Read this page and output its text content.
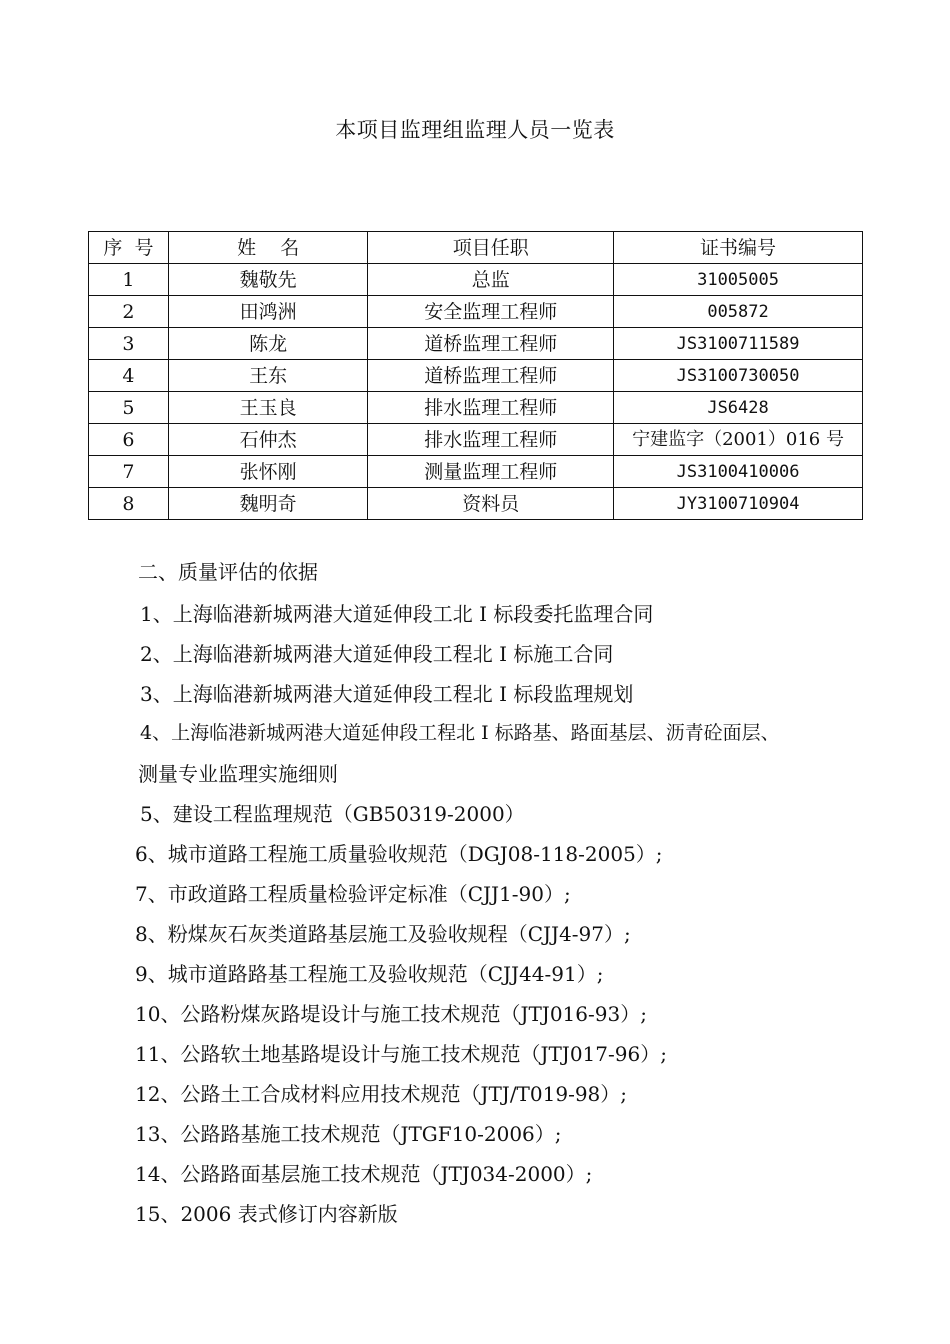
本项目监理组监理人员一览表
序  号	姓    名	项目任职	证书编号
1	魏敬先	总监	31005005
2	田鸿洲	安全监理工程师	005872
3	陈龙	道桥监理工程师	JS3100711589
4	王东	道桥监理工程师	JS3100730050
5	王玉良	排水监理工程师	JS6428
6	石仲杰	排水监理工程师	宁建监字（2001）016 号
7	张怀刚	测量监理工程师	JS3100410006
8	魏明奇	资料员	JY3100710904
二、质量评估的依据
1、上海临港新城两港大道延伸段工北 I 标段委托监理合同
2、上海临港新城两港大道延伸段工程北 I 标施工合同
3、上海临港新城两港大道延伸段工程北 I 标段监理规划
4、上海临港新城两港大道延伸段工程北 I 标路基、路面基层、沥青砼面层、
测量专业监理实施细则
5、建设工程监理规范（GB50319-2000）
6、城市道路工程施工质量验收规范（DGJ08-118-2005）;
7、市政道路工程质量检验评定标准（CJJ1-90）;
8、粉煤灰石灰类道路基层施工及验收规程（CJJ4-97）;
9、城市道路路基工程施工及验收规范（CJJ44-91）;
10、公路粉煤灰路堤设计与施工技术规范（JTJ016-93）;
11、公路软土地基路堤设计与施工技术规范（JTJ017-96）;
12、公路土工合成材料应用技术规范（JTJ/T019-98）;
13、公路路基施工技术规范（JTGF10-2006）;
14、公路路面基层施工技术规范（JTJ034-2000）;
15、2006 表式修订内容新版
